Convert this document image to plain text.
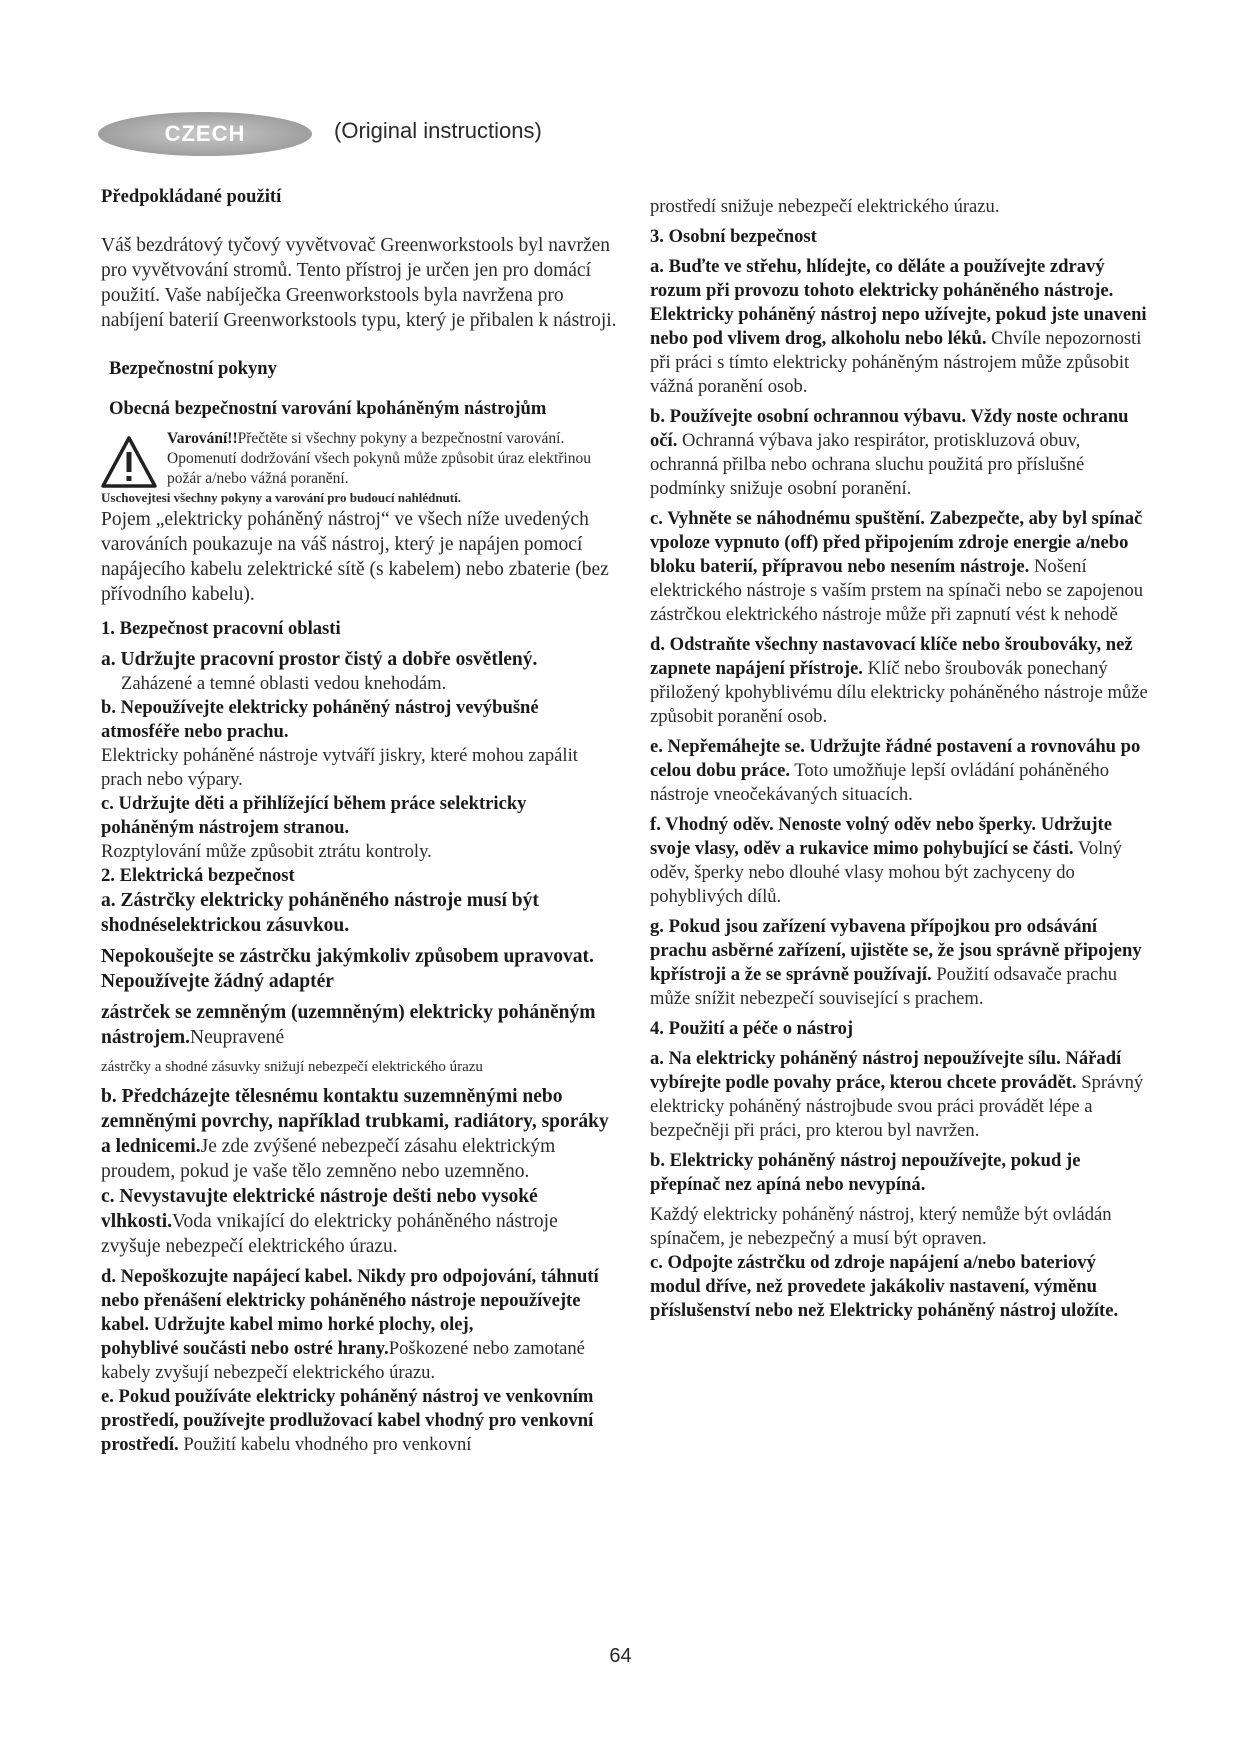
CZECH	(Original instructions)

Předpokládané použití

Váš bezdrátový tyčový vyvětvovač Greenworkstools byl navržen pro vyvětvování stromů. Tento přístroj je určen jen pro domácí použití. Vaše nabíječka Greenworkstools byla navržena pro nabíjení baterií Greenworkstools typu, který je přibalen k nástroji.

Bezpečnostní pokyny

Obecná bezpečnostní varování kpoháněným nástrojům

Varování!!Přečtěte si všechny pokyny a bezpečnostní varování. Opomenutí dodržování všech pokynů může způsobit úraz elektřinou požár a/nebo vážná poranění.

Uschovejtesi všechny pokyny a varování pro budoucí nahlédnutí.

Pojem „elektricky poháněný nástroj“ ve všech níže uvedených varováních poukazuje na váš nástroj, který je napájen pomocí napájecího kabelu zelektrické sítě (s kabelem) nebo zbaterie (bez přívodního kabelu).

1. Bezpečnost pracovní oblasti

a. Udržujte pracovní prostor čistý a dobře osvětlený.

Zaházené a temné oblasti vedou knehodám.

b. Nepoužívejte elektricky poháněný nástroj vevýbušné atmosféře nebo prachu.

Elektricky poháněné nástroje vytváří jiskry, které mohou zapálit prach nebo výpary.

c. Udržujte děti a přihlížející během práce selektricky poháněným nástrojem stranou.

Rozptylování může způsobit ztrátu kontroly.

2. Elektrická bezpečnost

a. Zástrčky elektricky poháněného nástroje musí být shodnéselektrickou zásuvkou.

Nepokoušejte se zástrčku jakýmkoliv způsobem upravovat. Nepoužívejte žádný adaptér

zástrček se zemněným (uzemněným) elektricky poháněným nástrojem.Neupravené

zástrčky a shodné zásuvky snižují nebezpečí elektrického úrazu

b. Předcházejte tělesnému kontaktu suzemněnými nebo zemněnými povrchy, například trubkami, radiátory, sporáky a lednicemi.Je zde zvýšené nebezpečí zásahu elektrickým proudem, pokud je vaše tělo zemněno nebo uzemněno.

c. Nevystavujte elektrické nástroje dešti nebo vysoké vlhkosti.Voda vnikající do elektricky poháněného nástroje zvyšuje nebezpečí elektrického úrazu.

d. Nepoškozujte napájecí kabel. Nikdy pro odpojování, táhnutí nebo přenášení elektricky poháněného nástroje nepoužívejte kabel. Udržujte kabel mimo horké plochy, olej,

pohyblivé součásti nebo ostré hrany.Poškozené nebo zamotané kabely zvyšují nebezpečí elektrického úrazu.

e. Pokud používáte elektricky poháněný nástroj ve venkovním prostředí, používejte prodlužovací kabel vhodný pro venkovní prostředí. Použití kabelu vhodného pro venkovní

prostředí snižuje nebezpečí elektrického úrazu.

3. Osobní bezpečnost

a. Buďte ve střehu, hlídejte, co děláte a používejte zdravý rozum při provozu tohoto elektricky poháněného nástroje. Elektricky poháněný nástroj nepo užívejte, pokud jste unaveni nebo pod vlivem drog, alkoholu nebo léků. Chvíle nepozornosti při práci s tímto elektricky poháněným nástrojem může způsobit vážná poranění osob.

b. Používejte osobní ochrannou výbavu. Vždy noste ochranu očí. Ochranná výbava jako respirátor, protiskluzová obuv, ochranná přilba nebo ochrana sluchu použitá pro příslušné podmínky snižuje osobní poranění.

c. Vyhněte se náhodnému spuštění. Zabezpečte, aby byl spínač vpoloze vypnuto (off) před připojením zdroje energie a/nebo bloku baterií, přípravou nebo nesením nástroje. Nošení elektrického nástroje s vaším prstem na spínači nebo se zapojenou zástrčkou elektrického nástroje může při zapnutí vést k nehodě

d. Odstraňte všechny nastavovací klíče nebo šroubováky, než zapnete napájení přístroje. Klíč nebo šroubovák ponechaný přiložený kpohyblivému dílu elektricky poháněného nástroje může způsobit poranění osob.

e. Nepřemáhejte se. Udržujte řádné postavení a rovnováhu po celou dobu práce. Toto umožňuje lepší ovládání poháněného nástroje vneočekávaných situacích.

f. Vhodný oděv. Nenoste volný oděv nebo šperky. Udržujte svoje vlasy, oděv a rukavice mimo pohybující se části. Volný oděv, šperky nebo dlouhé vlasy mohou být zachyceny do pohyblivých dílů.

g. Pokud jsou zařízení vybavena přípojkou pro odsávání prachu asběrné zařízení, ujistěte se, že jsou správně připojeny kpřístroji a že se správně používají. Použití odsavače prachu může snížit nebezpečí související s prachem.

4. Použití a péče o nástroj

a. Na elektricky poháněný nástroj nepoužívejte sílu. Nářadí vybírejte podle povahy práce, kterou chcete provádět. Správný elektricky poháněný nástrojbude svou práci provádět lépe a bezpečněji při práci, pro kterou byl navržen.

b. Elektricky poháněný nástroj nepoužívejte, pokud je přepínač nez apíná nebo nevypíná.

Každý elektricky poháněný nástroj, který nemůže být ovládán spínačem, je nebezpečný a musí být opraven.

c. Odpojte zástrčku od zdroje napájení a/nebo bateriový modul dříve, než provedete jakákoliv nastavení, výměnu příslušenství nebo než Elektricky poháněný nástroj uložíte.

64
